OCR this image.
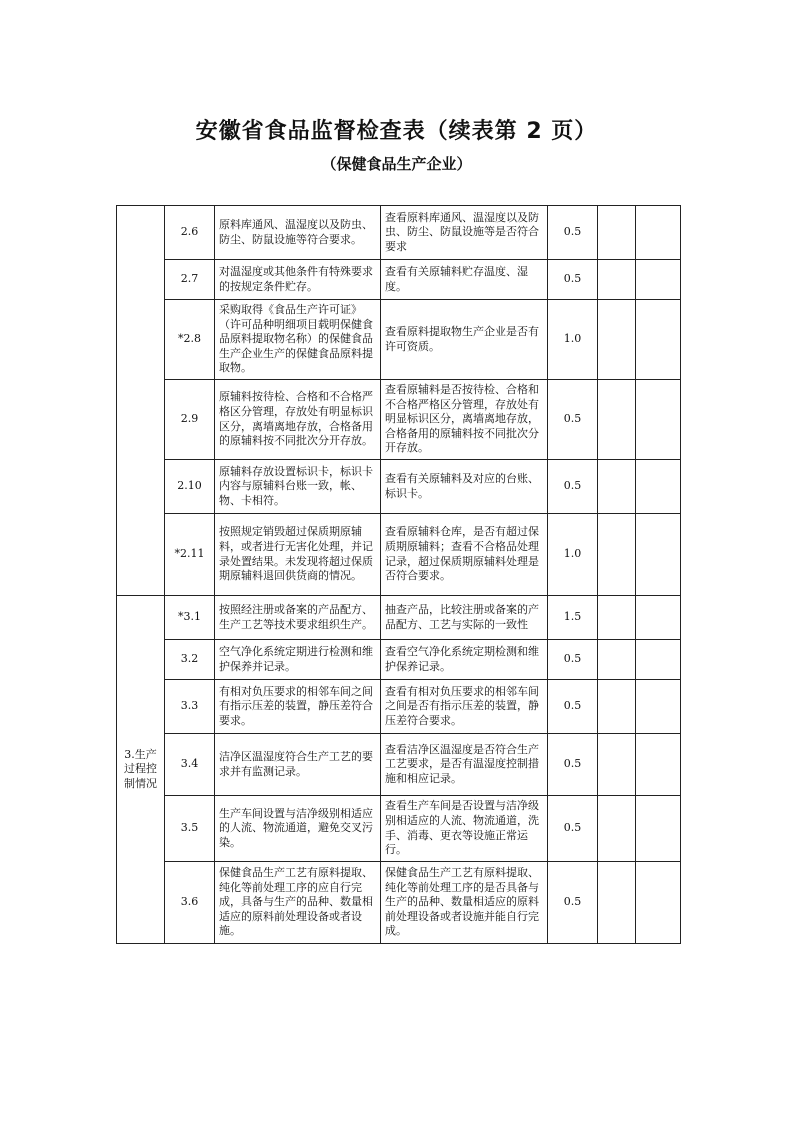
安徽省食品监督检查表（续表第 2 页）
（保健食品生产企业）
	2.6	原料库通风、温湿度以及防虫、防尘、防鼠设施等符合要求。	查看原料库通风、温湿度以及防虫、防尘、防鼠设施等是否符合要求	0.5		
	2.7	对温湿度或其他条件有特殊要求的按规定条件贮存。	查看有关原辅料贮存温度、湿度。	0.5		
	*2.8	采购取得《食品生产许可证》（许可品种明细项目载明保健食品原料提取物名称）的保健食品生产企业生产的保健食品原料提取物。	查看原料提取物生产企业是否有许可资质。	1.0		
	2.9	原辅料按待检、合格和不合格严格区分管理，存放处有明显标识区分，离墙离地存放，合格备用的原辅料按不同批次分开存放。	查看原辅料是否按待检、合格和不合格严格区分管理，存放处有明显标识区分，离墙离地存放，合格备用的原辅料按不同批次分开存放。	0.5		
	2.10	原辅料存放设置标识卡，标识卡内容与原辅料台账一致，帐、物、卡相符。	查看有关原辅料及对应的台账、标识卡。	0.5		
	*2.11	按照规定销毁超过保质期原辅料，或者进行无害化处理，并记录处置结果。未发现将超过保质期原辅料退回供货商的情况。	查看原辅料仓库，是否有超过保质期原辅料；查看不合格品处理记录，超过保质期原辅料处理是否符合要求。	1.0		
3.生产过程控制情况	*3.1	按照经注册或备案的产品配方、生产工艺等技术要求组织生产。	抽查产品，比较注册或备案的产品配方、工艺与实际的一致性	1.5		
	3.2	空气净化系统定期进行检测和维护保养并记录。	查看空气净化系统定期检测和维护保养记录。	0.5		
	3.3	有相对负压要求的相邻车间之间有指示压差的装置，静压差符合要求。	查看有相对负压要求的相邻车间之间是否有指示压差的装置，静压差符合要求。	0.5		
	3.4	洁净区温湿度符合生产工艺的要求并有监测记录。	查看洁净区温湿度是否符合生产工艺要求，是否有温湿度控制措施和相应记录。	0.5		
	3.5	生产车间设置与洁净级别相适应的人流、物流通道，避免交叉污染。	查看生产车间是否设置与洁净级别相适应的人流、物流通道，洗手、消毒、更衣等设施正常运行。	0.5		
	3.6	保健食品生产工艺有原料提取、纯化等前处理工序的应自行完成，具备与生产的品种、数量相适应的原料前处理设备或者设施。	保健食品生产工艺有原料提取、纯化等前处理工序的是否具备与生产的品种、数量相适应的原料前处理设备或者设施并能自行完成。	0.5		
